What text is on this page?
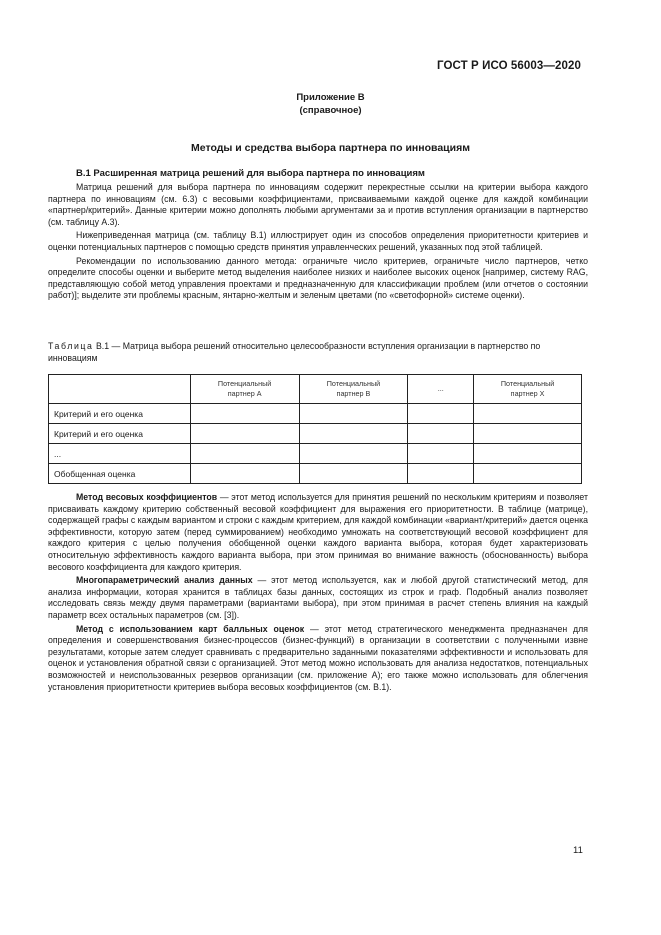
ГОСТ Р ИСО 56003—2020
Приложение В
(справочное)
Методы и средства выбора партнера по инновациям
В.1 Расширенная матрица решений для выбора партнера по инновациям

Матрица решений для выбора партнера по инновациям содержит перекрестные ссылки на критерии выбора каждого партнера по инновациям (см. 6.3) с весовыми коэффициентами, присваиваемыми каждой оценке для каждой комбинации «партнер/критерий». Данные критерии можно дополнять любыми аргументами за и против вступления организации в партнерство (см. таблицу А.3).

Нижеприведенная матрица (см. таблицу В.1) иллюстрирует один из способов определения приоритетности критериев и оценки потенциальных партнеров с помощью средств принятия управленческих решений, указанных под этой таблицей.

Рекомендации по использованию данного метода: ограничьте число критериев, ограничьте число партнеров, четко определите способы оценки и выберите метод выделения наиболее низких и наиболее высоких оценок [например, систему RAG, представляющую собой метод управления проектами и предназначенную для классификации проблем (или отчетов о состоянии работ)]; выделите эти проблемы красным, янтарно-желтым и зеленым цветами (по «светофорной» системе оценки).

Таблица В.1 — Матрица выбора решений относительно целесообразности вступления организации в партнерство по инновациям
	Потенциальный
партнер А	Потенциальный
партнер В	...	Потенциальный
партнер Х
Критерий и его оценка				
Критерий и его оценка				
...				
Обобщенная оценка				

Метод весовых коэффициентов — этот метод используется для принятия решений по нескольким критериям и позволяет присваивать каждому критерию собственный весовой коэффициент для выражения его приоритетности. В таблице (матрице), содержащей графы с каждым вариантом и строки с каждым критерием, для каждой комбинации «вариант/критерий» дается оценка эффективности, которую затем (перед суммированием) необходимо умножать на соответствующий весовой коэффициент для каждого критерия с целью получения обобщенной оценки каждого варианта выбора, которая будет характеризовать относительную эффективность каждого варианта выбора, при этом принимая во внимание важность (обоснованность) выбора весового коэффициента для каждого критерия.

Многопараметрический анализ данных — этот метод используется, как и любой другой статистический метод, для анализа информации, которая хранится в таблицах базы данных, состоящих из строк и граф. Подобный анализ позволяет исследовать связь между двумя параметрами (вариантами выбора), при этом принимая в расчет степень влияния на каждый параметр всех остальных параметров (см. [3]).

Метод с использованием карт балльных оценок — этот метод стратегического менеджмента предназначен для определения и совершенствования бизнес-процессов (бизнес-функций) в организации в соответствии с полученными извне результатами, которые затем следует сравнивать с предварительно заданными показателями эффективности и использовать для оценок и установления обратной связи с организацией. Этот метод можно использовать для анализа недостатков, потенциальных возможностей и неиспользованных резервов организации (см. приложение А); его также можно использовать для облегчения установления приоритетности критериев выбора весовых коэффициентов (см. В.1).

11
